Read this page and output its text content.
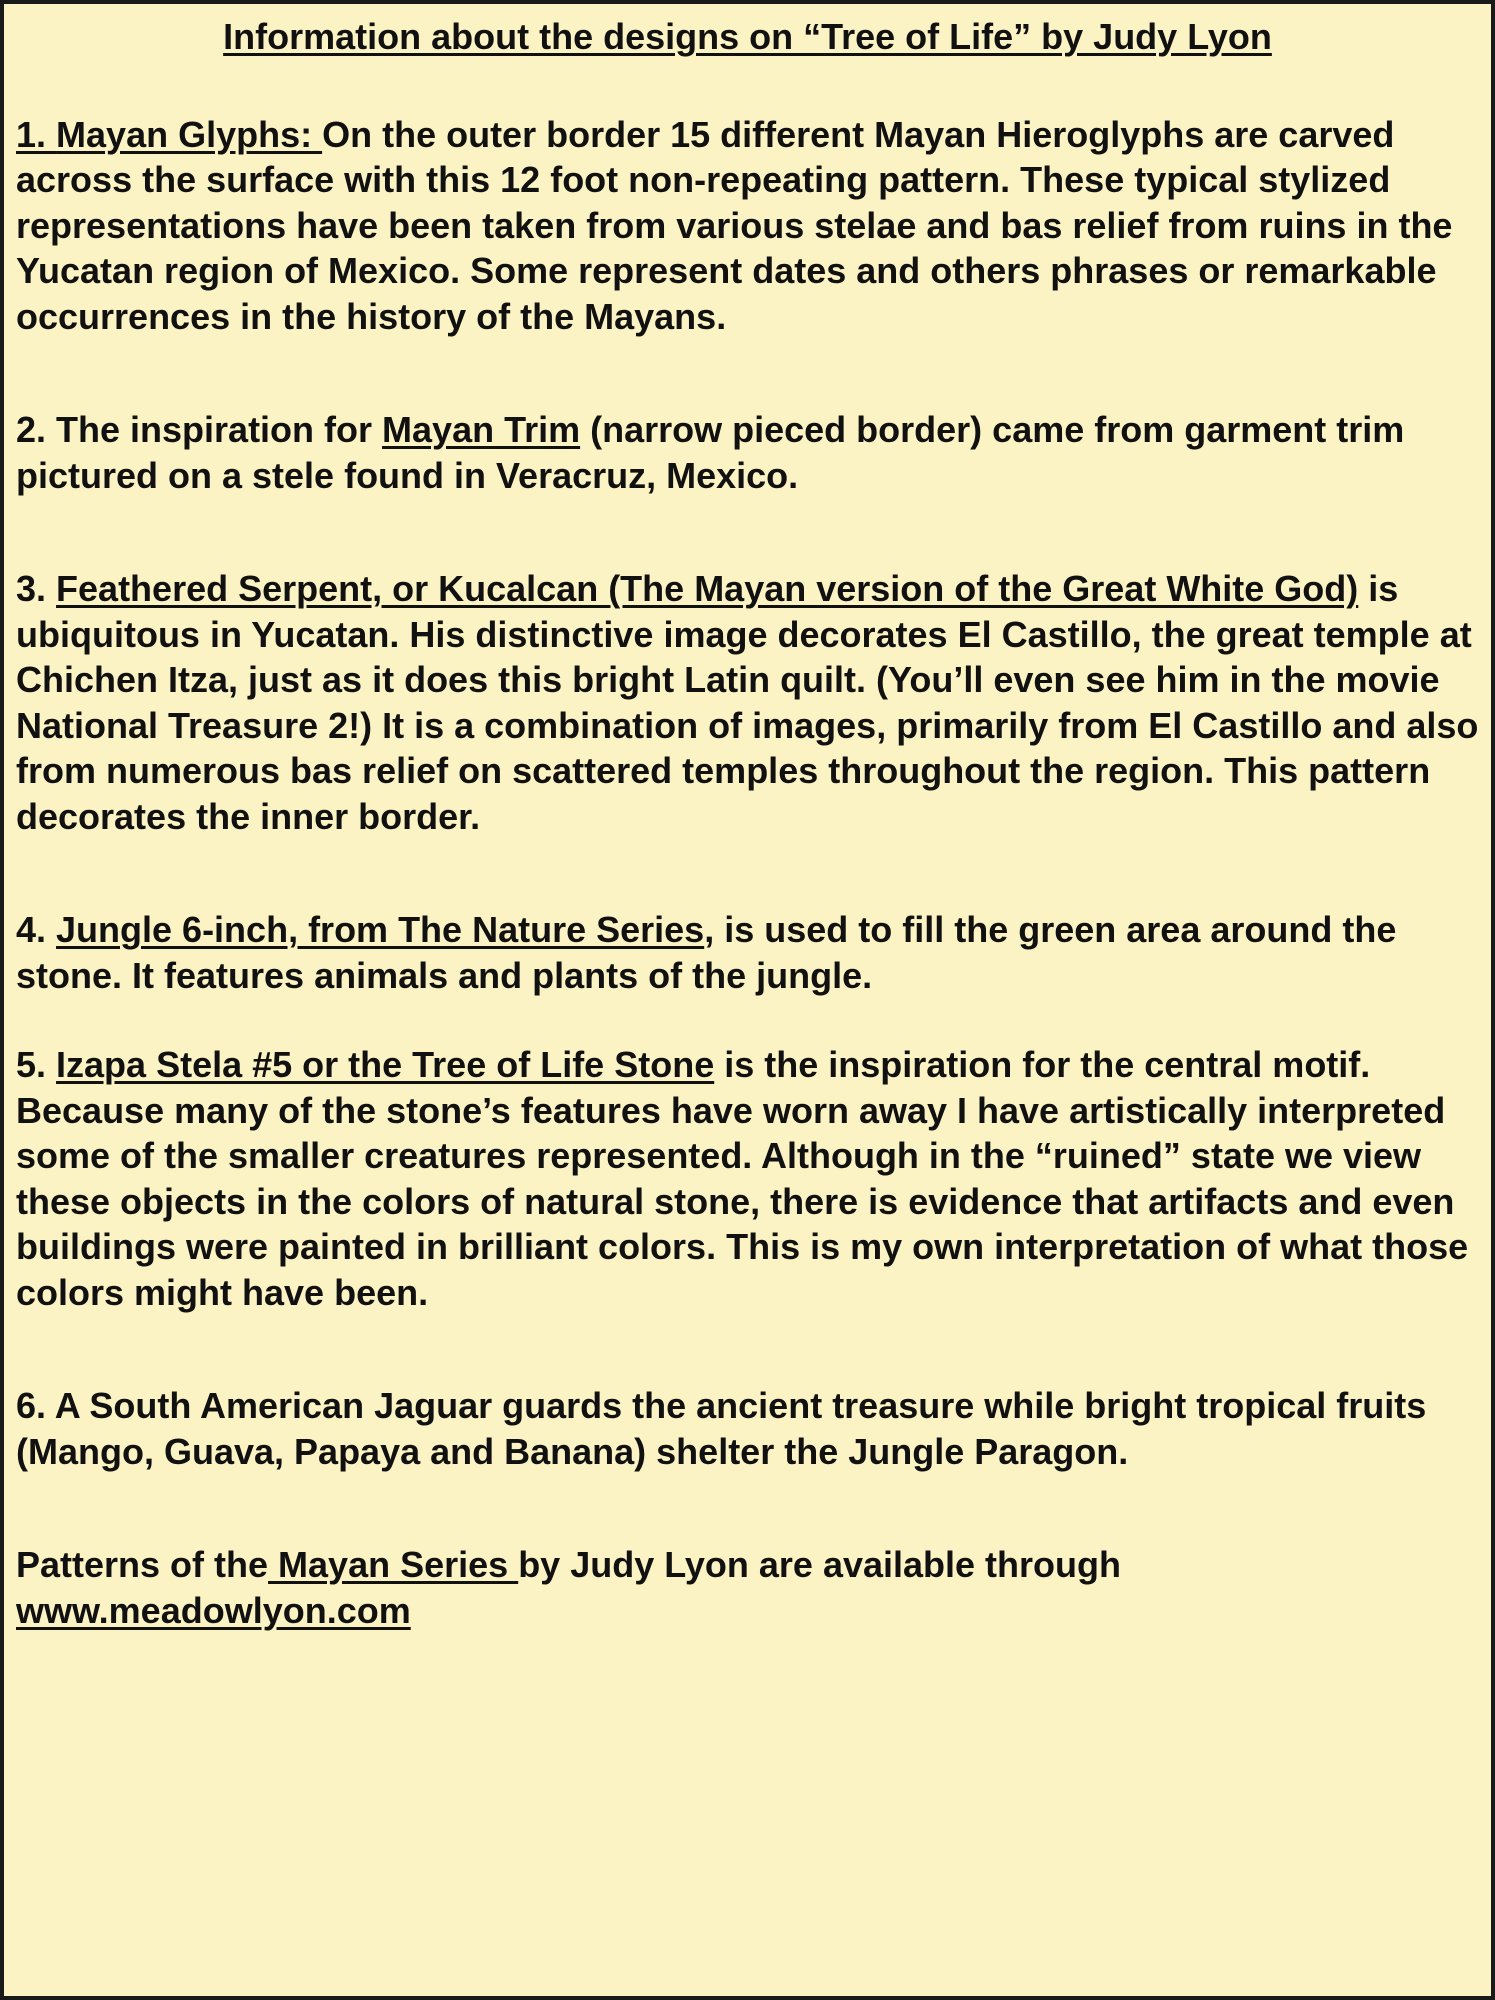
Information about the designs on “Tree of Life” by Judy Lyon

1. Mayan Glyphs: On the outer border 15 different Mayan Hieroglyphs are carved across the surface with this 12 foot non-repeating pattern. These typical stylized representations have been taken from various stelae and bas relief from ruins in the Yucatan region of Mexico. Some represent dates and others phrases or remarkable occurrences in the history of the Mayans.

2. The inspiration for Mayan Trim (narrow pieced border) came from garment trim pictured on a stele found in Veracruz, Mexico.

3. Feathered Serpent, or Kucalcan (The Mayan version of the Great White God) is ubiquitous in Yucatan. His distinctive image decorates El Castillo, the great temple at Chichen Itza, just as it does this bright Latin quilt. (You’ll even see him in the movie National Treasure 2!) It is a combination of images, primarily from El Castillo and also from numerous bas relief on scattered temples throughout the region. This pattern decorates the inner border.

4. Jungle 6-inch, from The Nature Series, is used to fill the green area around the stone. It features animals and plants of the jungle.

5. Izapa Stela #5 or the Tree of Life Stone is the inspiration for the central motif. Because many of the stone’s features have worn away I have artistically interpreted some of the smaller creatures represented. Although in the “ruined” state we view these objects in the colors of natural stone, there is evidence that artifacts and even buildings were painted in brilliant colors. This is my own interpretation of what those colors might have been.

6. A South American Jaguar guards the ancient treasure while bright tropical fruits (Mango, Guava, Papaya and Banana) shelter the Jungle Paragon.

Patterns of the Mayan Series by Judy Lyon are available through
www.meadowlyon.com
